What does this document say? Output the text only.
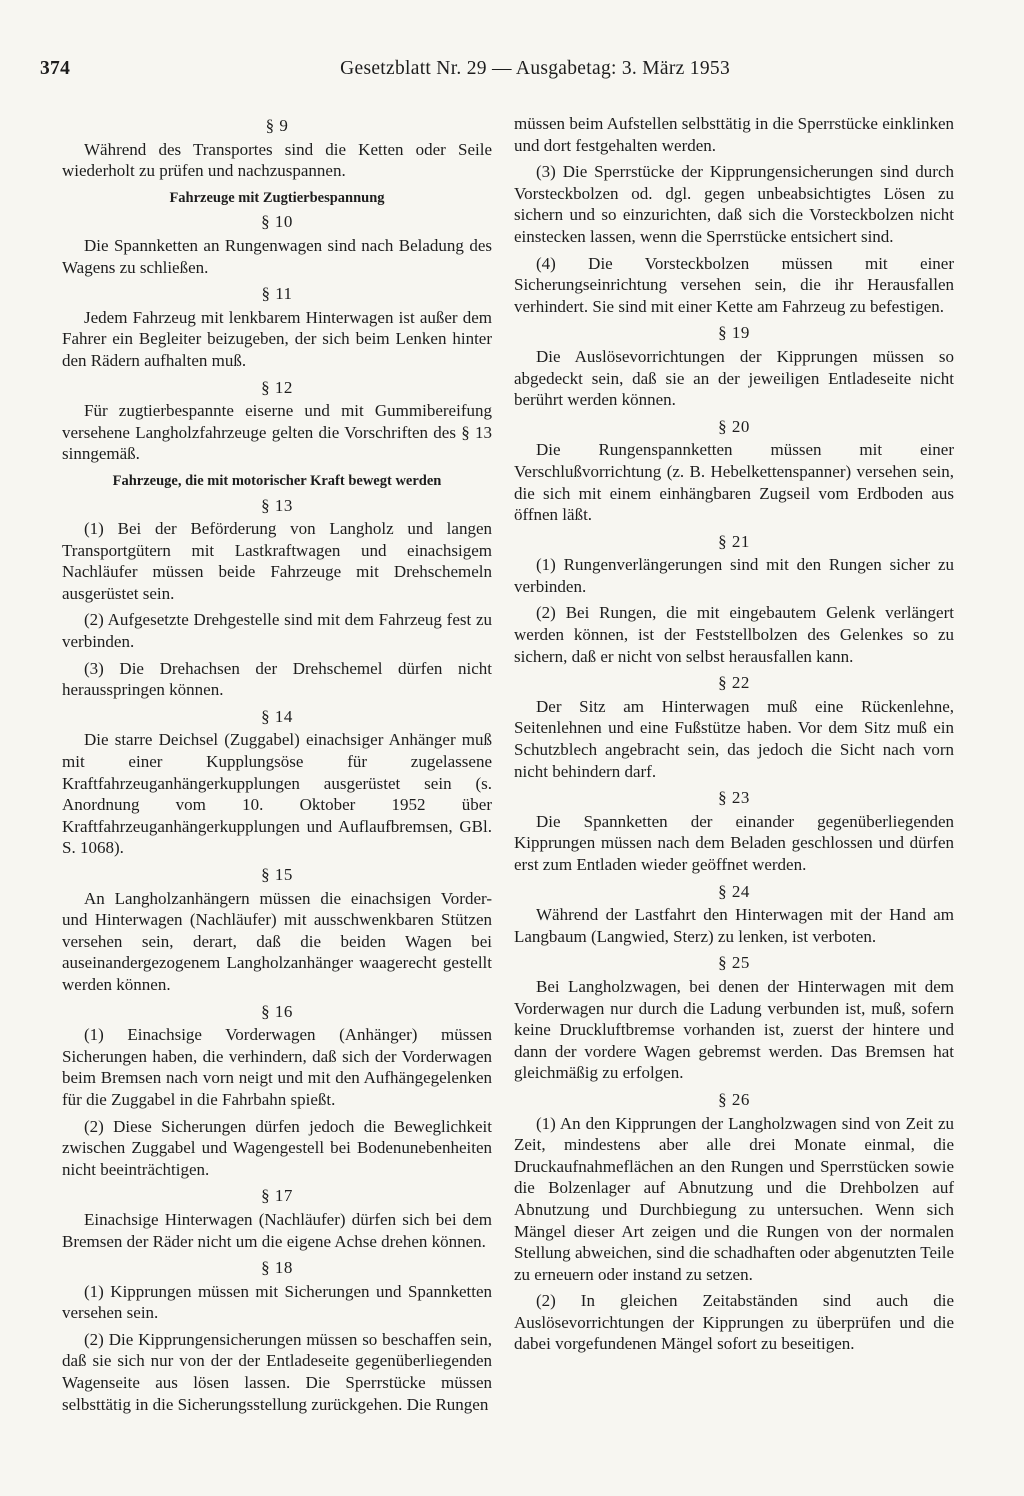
374	Gesetzblatt Nr. 29 — Ausgabetag: 3. März 1953
§ 9

Während des Transportes sind die Ketten oder Seile wiederholt zu prüfen und nachzuspannen.

Fahrzeuge mit Zugtierbespannung
§ 10

Die Spannketten an Rungenwagen sind nach Beladung des Wagens zu schließen.

§ 11

Jedem Fahrzeug mit lenkbarem Hinterwagen ist außer dem Fahrer ein Begleiter beizugeben, der sich beim Lenken hinter den Rädern aufhalten muß.

§ 12

Für zugtierbespannte eiserne und mit Gummibereifung versehene Langholzfahrzeuge gelten die Vorschriften des § 13 sinngemäß.

Fahrzeuge, die mit motorischer Kraft bewegt werden
§ 13

(1) Bei der Beförderung von Langholz und langen Transportgütern mit Lastkraftwagen und einachsigem Nachläufer müssen beide Fahrzeuge mit Drehschemeln ausgerüstet sein.

(2) Aufgesetzte Drehgestelle sind mit dem Fahrzeug fest zu verbinden.

(3) Die Drehachsen der Drehschemel dürfen nicht herausspringen können.

§ 14

Die starre Deichsel (Zuggabel) einachsiger Anhänger muß mit einer Kupplungsöse für zugelassene Kraftfahrzeuganhängerkupplungen ausgerüstet sein (s. Anordnung vom 10. Oktober 1952 über Kraftfahrzeuganhängerkupplungen und Auflaufbremsen, GBl. S. 1068).

§ 15

An Langholzanhängern müssen die einachsigen Vorder- und Hinterwagen (Nachläufer) mit ausschwenkbaren Stützen versehen sein, derart, daß die beiden Wagen bei auseinandergezogenem Langholzanhänger waagerecht gestellt werden können.

§ 16

(1) Einachsige Vorderwagen (Anhänger) müssen Sicherungen haben, die verhindern, daß sich der Vorderwagen beim Bremsen nach vorn neigt und mit den Aufhängegelenken für die Zuggabel in die Fahrbahn spießt.

(2) Diese Sicherungen dürfen jedoch die Beweglichkeit zwischen Zuggabel und Wagengestell bei Bodenunebenheiten nicht beeinträchtigen.

§ 17

Einachsige Hinterwagen (Nachläufer) dürfen sich bei dem Bremsen der Räder nicht um die eigene Achse drehen können.

§ 18

(1) Kipprungen müssen mit Sicherungen und Spannketten versehen sein.

(2) Die Kipprungensicherungen müssen so beschaffen sein, daß sie sich nur von der der Entladeseite gegenüberliegenden Wagenseite aus lösen lassen. Die Sperrstücke müssen selbsttätig in die Sicherungsstellung zurückgehen. Die Rungen

müssen beim Aufstellen selbsttätig in die Sperrstücke einklinken und dort festgehalten werden.

(3) Die Sperrstücke der Kipprungensicherungen sind durch Vorsteckbolzen od. dgl. gegen unbeabsichtigtes Lösen zu sichern und so einzurichten, daß sich die Vorsteckbolzen nicht einstecken lassen, wenn die Sperrstücke entsichert sind.

(4) Die Vorsteckbolzen müssen mit einer Sicherungseinrichtung versehen sein, die ihr Herausfallen verhindert. Sie sind mit einer Kette am Fahrzeug zu befestigen.

§ 19

Die Auslösevorrichtungen der Kipprungen müssen so abgedeckt sein, daß sie an der jeweiligen Entladeseite nicht berührt werden können.

§ 20

Die Rungenspannketten müssen mit einer Verschlußvorrichtung (z. B. Hebelkettenspanner) versehen sein, die sich mit einem einhängbaren Zugseil vom Erdboden aus öffnen läßt.

§ 21

(1) Rungenverlängerungen sind mit den Rungen sicher zu verbinden.

(2) Bei Rungen, die mit eingebautem Gelenk verlängert werden können, ist der Feststellbolzen des Gelenkes so zu sichern, daß er nicht von selbst herausfallen kann.

§ 22

Der Sitz am Hinterwagen muß eine Rückenlehne, Seitenlehnen und eine Fußstütze haben. Vor dem Sitz muß ein Schutzblech angebracht sein, das jedoch die Sicht nach vorn nicht behindern darf.

§ 23

Die Spannketten der einander gegenüberliegenden Kipprungen müssen nach dem Beladen geschlossen und dürfen erst zum Entladen wieder geöffnet werden.

§ 24

Während der Lastfahrt den Hinterwagen mit der Hand am Langbaum (Langwied, Sterz) zu lenken, ist verboten.

§ 25

Bei Langholzwagen, bei denen der Hinterwagen mit dem Vorderwagen nur durch die Ladung verbunden ist, muß, sofern keine Druckluftbremse vorhanden ist, zuerst der hintere und dann der vordere Wagen gebremst werden. Das Bremsen hat gleichmäßig zu erfolgen.

§ 26

(1) An den Kipprungen der Langholzwagen sind von Zeit zu Zeit, mindestens aber alle drei Monate einmal, die Druckaufnahmeflächen an den Rungen und Sperrstücken sowie die Bolzenlager auf Abnutzung und die Drehbolzen auf Abnutzung und Durchbiegung zu untersuchen. Wenn sich Mängel dieser Art zeigen und die Rungen von der normalen Stellung abweichen, sind die schadhaften oder abgenutzten Teile zu erneuern oder instand zu setzen.

(2) In gleichen Zeitabständen sind auch die Auslösevorrichtungen der Kipprungen zu überprüfen und die dabei vorgefundenen Mängel sofort zu beseitigen.
